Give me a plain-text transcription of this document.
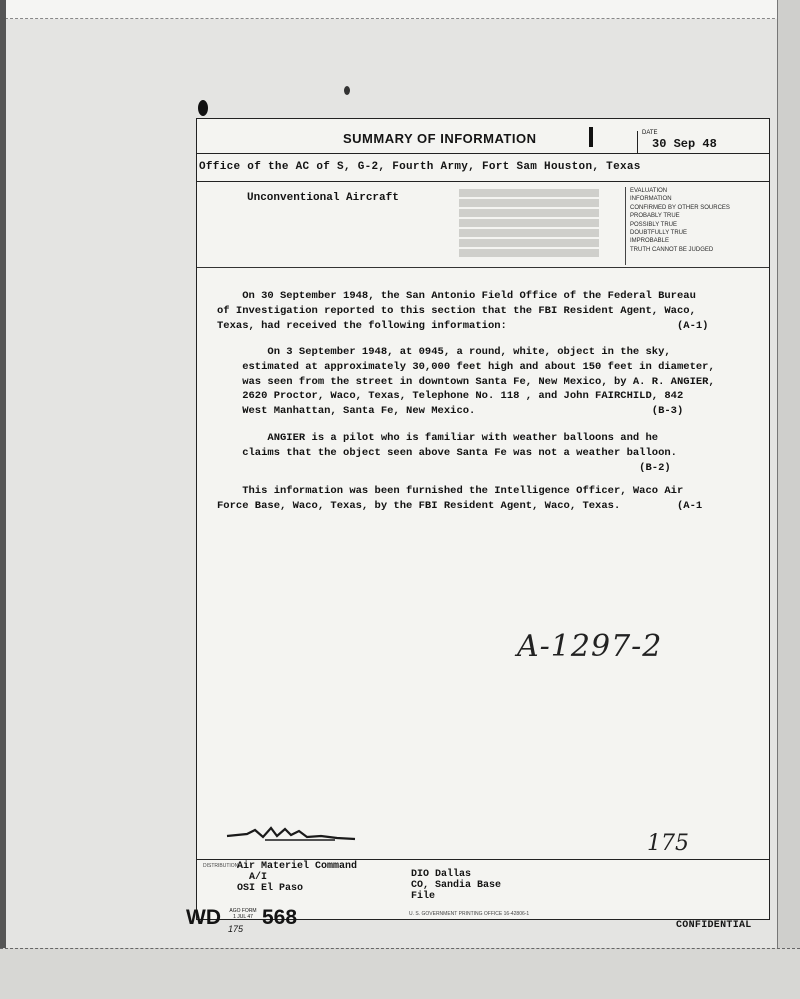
SUMMARY OF INFORMATION	DATE
30 Sep 48
Office of the AC of S, G-2, Fourth Army, Fort Sam Houston, Texas
Unconventional Aircraft
EVALUATION
INFORMATION
CONFIRMED BY OTHER SOURCES
PROBABLY TRUE
POSSIBLY TRUE
DOUBTFULLY TRUE
IMPROBABLE
TRUTH CANNOT BE JUDGED
On 30 September 1948, the San Antonio Field Office of the Federal Bureau
of Investigation reported to this section that the FBI Resident Agent, Waco,
Texas, had received the following information:                           (A-1)
On 3 September 1948, at 0945, a round, white, object in the sky,
estimated at approximately 30,000 feet high and about 150 feet in diameter,
was seen from the street in downtown Santa Fe, New Mexico, by A. R. ANGIER,
2620 Proctor, Waco, Texas, Telephone No. 118 , and John FAIRCHILD, 842
West Manhattan, Santa Fe, New Mexico.                            (B-3)
ANGIER is a pilot who is familiar with weather balloons and he
claims that the object seen above Santa Fe was not a weather balloon.
(B-2)
This information was been furnished the Intelligence Officer, Waco Air
Force Base, Waco, Texas, by the FBI Resident Agent, Waco, Texas.         (A-1
A-1297-2
175
DISTRIBUTION
Air Materiel Command
A/I
OSI El Paso
DIO Dallas
CO, Sandia Base
File
U. S. GOVERNMENT PRINTING OFFICE 16-42806-1
WD AGO FORM 1 JUL 47 568
175	CONFIDENTIAL
